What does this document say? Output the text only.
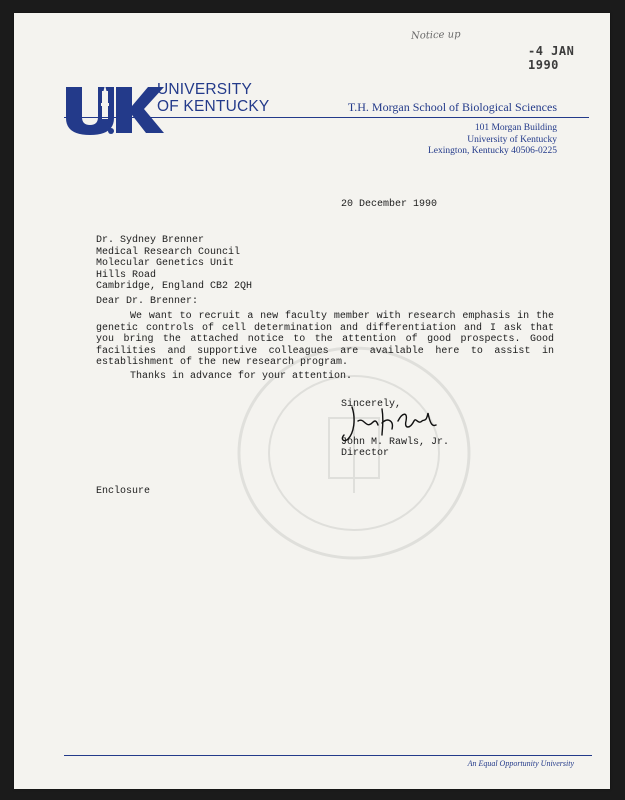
UNIVERSITY
OF KENTUCKY	T.H. Morgan School of Biological Sciences
101 Morgan Building
University of Kentucky
Lexington, Kentucky 40506-0225
Notice up
-4 JAN 1990
20 December 1990
Dr. Sydney Brenner
Medical Research Council
Molecular Genetics Unit
Hills Road
Cambridge, England CB2 2QH
Dear Dr. Brenner:
We want to recruit a new faculty member with research emphasis in the genetic controls of cell determination and differentiation and I ask that you bring the attached notice to the attention of good prospects. Good facilities and supportive colleagues are available here to assist in establishment of the new research program.
Thanks in advance for your attention.
Sincerely,
John Rawls
John M. Rawls, Jr.
Director
Enclosure
An Equal Opportunity University
